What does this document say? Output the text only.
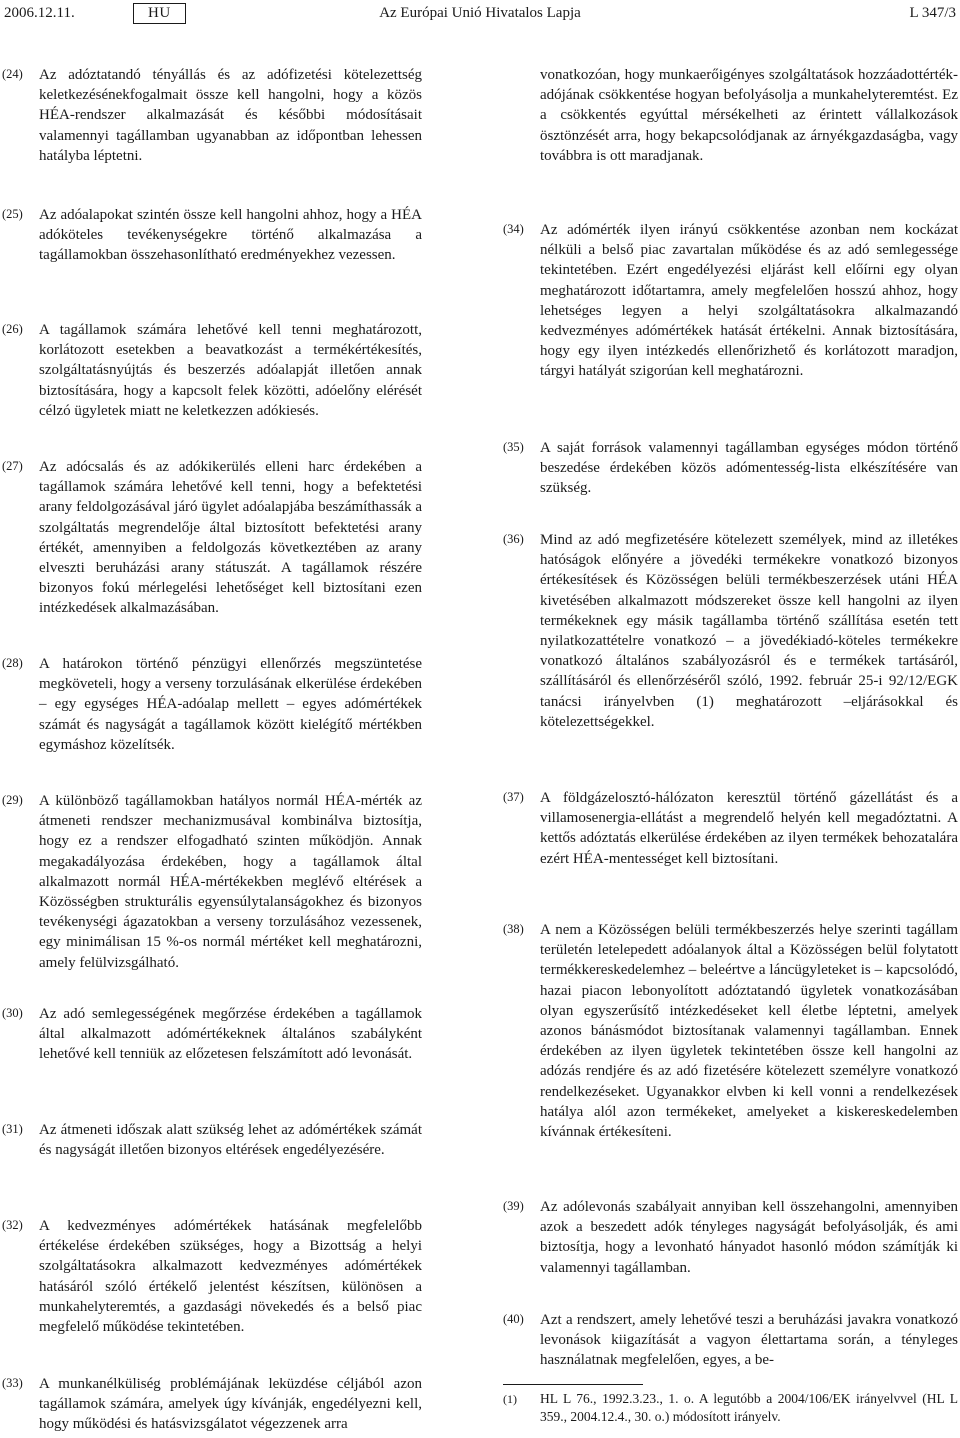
2006.12.11.	HU	Az Európai Unió Hivatalos Lapja	L 347/3
(24) Az adóztatandó tényállás és az adófizetési kötelezettség keletkezésénekfogalmait össze kell hangolni, hogy a közös HÉA-rendszer alkalmazását és későbbi módosításait valamennyi tagállamban ugyanabban az időpontban lehessen hatályba léptetni.
(25) Az adóalapokat szintén össze kell hangolni ahhoz, hogy a HÉA adóköteles tevékenységekre történő alkalmazása a tagállamokban összehasonlítható eredményekhez vezessen.
(26) A tagállamok számára lehetővé kell tenni meghatározott, korlátozott esetekben a beavatkozást a termékértékesítés, szolgáltatásnyújtás és beszerzés adóalapját illetően annak biztosítására, hogy a kapcsolt felek közötti, adóelőny elérését célzó ügyletek miatt ne keletkezzen adókiesés.
(27) Az adócsalás és az adókikerülés elleni harc érdekében a tagállamok számára lehetővé kell tenni, hogy a befektetési arany feldolgozásával járó ügylet adóalapjába beszámíthassák a szolgáltatás megrendelője által biztosított befektetési arany értékét, amennyiben a feldolgozás következtében az arany elveszti beruházási arany státuszát. A tagállamok részére bizonyos fokú mérlegelési lehetőséget kell biztosítani ezen intézkedések alkalmazásában.
(28) A határokon történő pénzügyi ellenőrzés megszüntetése megköveteli, hogy a verseny torzulásának elkerülése érdekében – egy egységes HÉA-adóalap mellett – egyes adómértékek számát és nagyságát a tagállamok között kielégítő mértékben egymáshoz közelítsék.
(29) A különböző tagállamokban hatályos normál HÉA-mérték az átmeneti rendszer mechanizmusával kombinálva biztosítja, hogy ez a rendszer elfogadható szinten működjön. Annak megakadályozása érdekében, hogy a tagállamok által alkalmazott normál HÉA-mértékekben meglévő eltérések a Közösségben strukturális egyensúlytalanságokhez és bizonyos tevékenységi ágazatokban a verseny torzulásához vezessenek, egy minimálisan 15 %-os normál mértéket kell meghatározni, amely felülvizsgálható.
(30) Az adó semlegességének megőrzése érdekében a tagállamok által alkalmazott adómértékeknek általános szabályként lehetővé kell tenniük az előzetesen felszámított adó levonását.
(31) Az átmeneti időszak alatt szükség lehet az adómértékek számát és nagyságát illetően bizonyos eltérések engedélyezésére.
(32) A kedvezményes adómértékek hatásának megfelelőbb értékelése érdekében szükséges, hogy a Bizottság a helyi szolgáltatásokra alkalmazott kedvezményes adómértékek hatásáról szóló értékelő jelentést készítsen, különösen a munkahelyteremtés, a gazdasági növekedés és a belső piac megfelelő működése tekintetében.
(33) A munkanélküliség problémájának leküzdése céljából azon tagállamok számára, amelyek úgy kívánják, engedélyezni kell, hogy működési és hatásvizsgálatot végezzenek arra
vonatkozóan, hogy munkaerőigényes szolgáltatások hozzáadottérték-adójának csökkentése hogyan befolyásolja a munkahelyteremtést. Ez a csökkentés egyúttal mérsékelheti az érintett vállalkozások ösztönzését arra, hogy bekapcsolódjanak az árnyékgazdaságba, vagy továbbra is ott maradjanak.
(34) Az adómérték ilyen irányú csökkentése azonban nem kockázat nélküli a belső piac zavartalan működése és az adó semlegessége tekintetében. Ezért engedélyezési eljárást kell előírni egy olyan meghatározott időtartamra, amely megfelelően hosszú ahhoz, hogy lehetséges legyen a helyi szolgáltatásokra alkalmazandó kedvezményes adómértékek hatását értékelni. Annak biztosítására, hogy egy ilyen intézkedés ellenőrizhető és korlátozott maradjon, tárgyi hatályát szigorúan kell meghatározni.
(35) A saját források valamennyi tagállamban egységes módon történő beszedése érdekében közös adómentesség-lista elkészítésére van szükség.
(36) Mind az adó megfizetésére kötelezett személyek, mind az illetékes hatóságok előnyére a jövedéki termékekre vonatkozó bizonyos értékesítések és Közösségen belüli termékbeszerzések utáni HÉA kivetésében alkalmazott módszereket össze kell hangolni az ilyen termékeknek egy másik tagállamba történő szállítása esetén tett nyilatkozattételre vonatkozó – a jövedékiadó-köteles termékekre vonatkozó általános szabályozásról és e termékek tartásáról, szállításáról és ellenőrzéséről szóló, 1992. február 25-i 92/12/EGK tanácsi irányelvben (1) meghatározott –eljárásokkal és kötelezettségekkel.
(37) A földgázelosztó-hálózaton keresztül történő gázellátást és a villamosenergia-ellátást a megrendelő helyén kell megadóztatni. A kettős adóztatás elkerülése érdekében az ilyen termékek behozatalára ezért HÉA-mentességet kell biztosítani.
(38) A nem a Közösségen belüli termékbeszerzés helye szerinti tagállam területén letelepedett adóalanyok által a Közösségen belül folytatott termékkereskedelemhez – beleértve a láncügyleteket is – kapcsolódó, hazai piacon lebonyolított adóztatandó ügyletek vonatkozásában olyan egyszerűsítő intézkedéseket kell életbe léptetni, amelyek azonos bánásmódot biztosítanak valamennyi tagállamban. Ennek érdekében az ilyen ügyletek tekintetében össze kell hangolni az adózás rendjére és az adó fizetésére kötelezett személyre vonatkozó rendelkezéseket. Ugyanakkor elvben ki kell vonni a rendelkezések hatálya alól azon termékeket, amelyeket a kiskereskedelemben kívánnak értékesíteni.
(39) Az adólevonás szabályait annyiban kell összehangolni, amennyiben azok a beszedett adók tényleges nagyságát befolyásolják, és ami biztosítja, hogy a levonható hányadot hasonló módon számítják ki valamennyi tagállamban.
(40) Azt a rendszert, amely lehetővé teszi a beruházási javakra vonatkozó levonások kiigazítását a vagyon élettartama során, a tényleges használatnak megfelelően, egyes, a be-
(1) HL L 76., 1992.3.23., 1. o. A legutóbb a 2004/106/EK irányelvvel (HL L 359., 2004.12.4., 30. o.) módosított irányelv.
